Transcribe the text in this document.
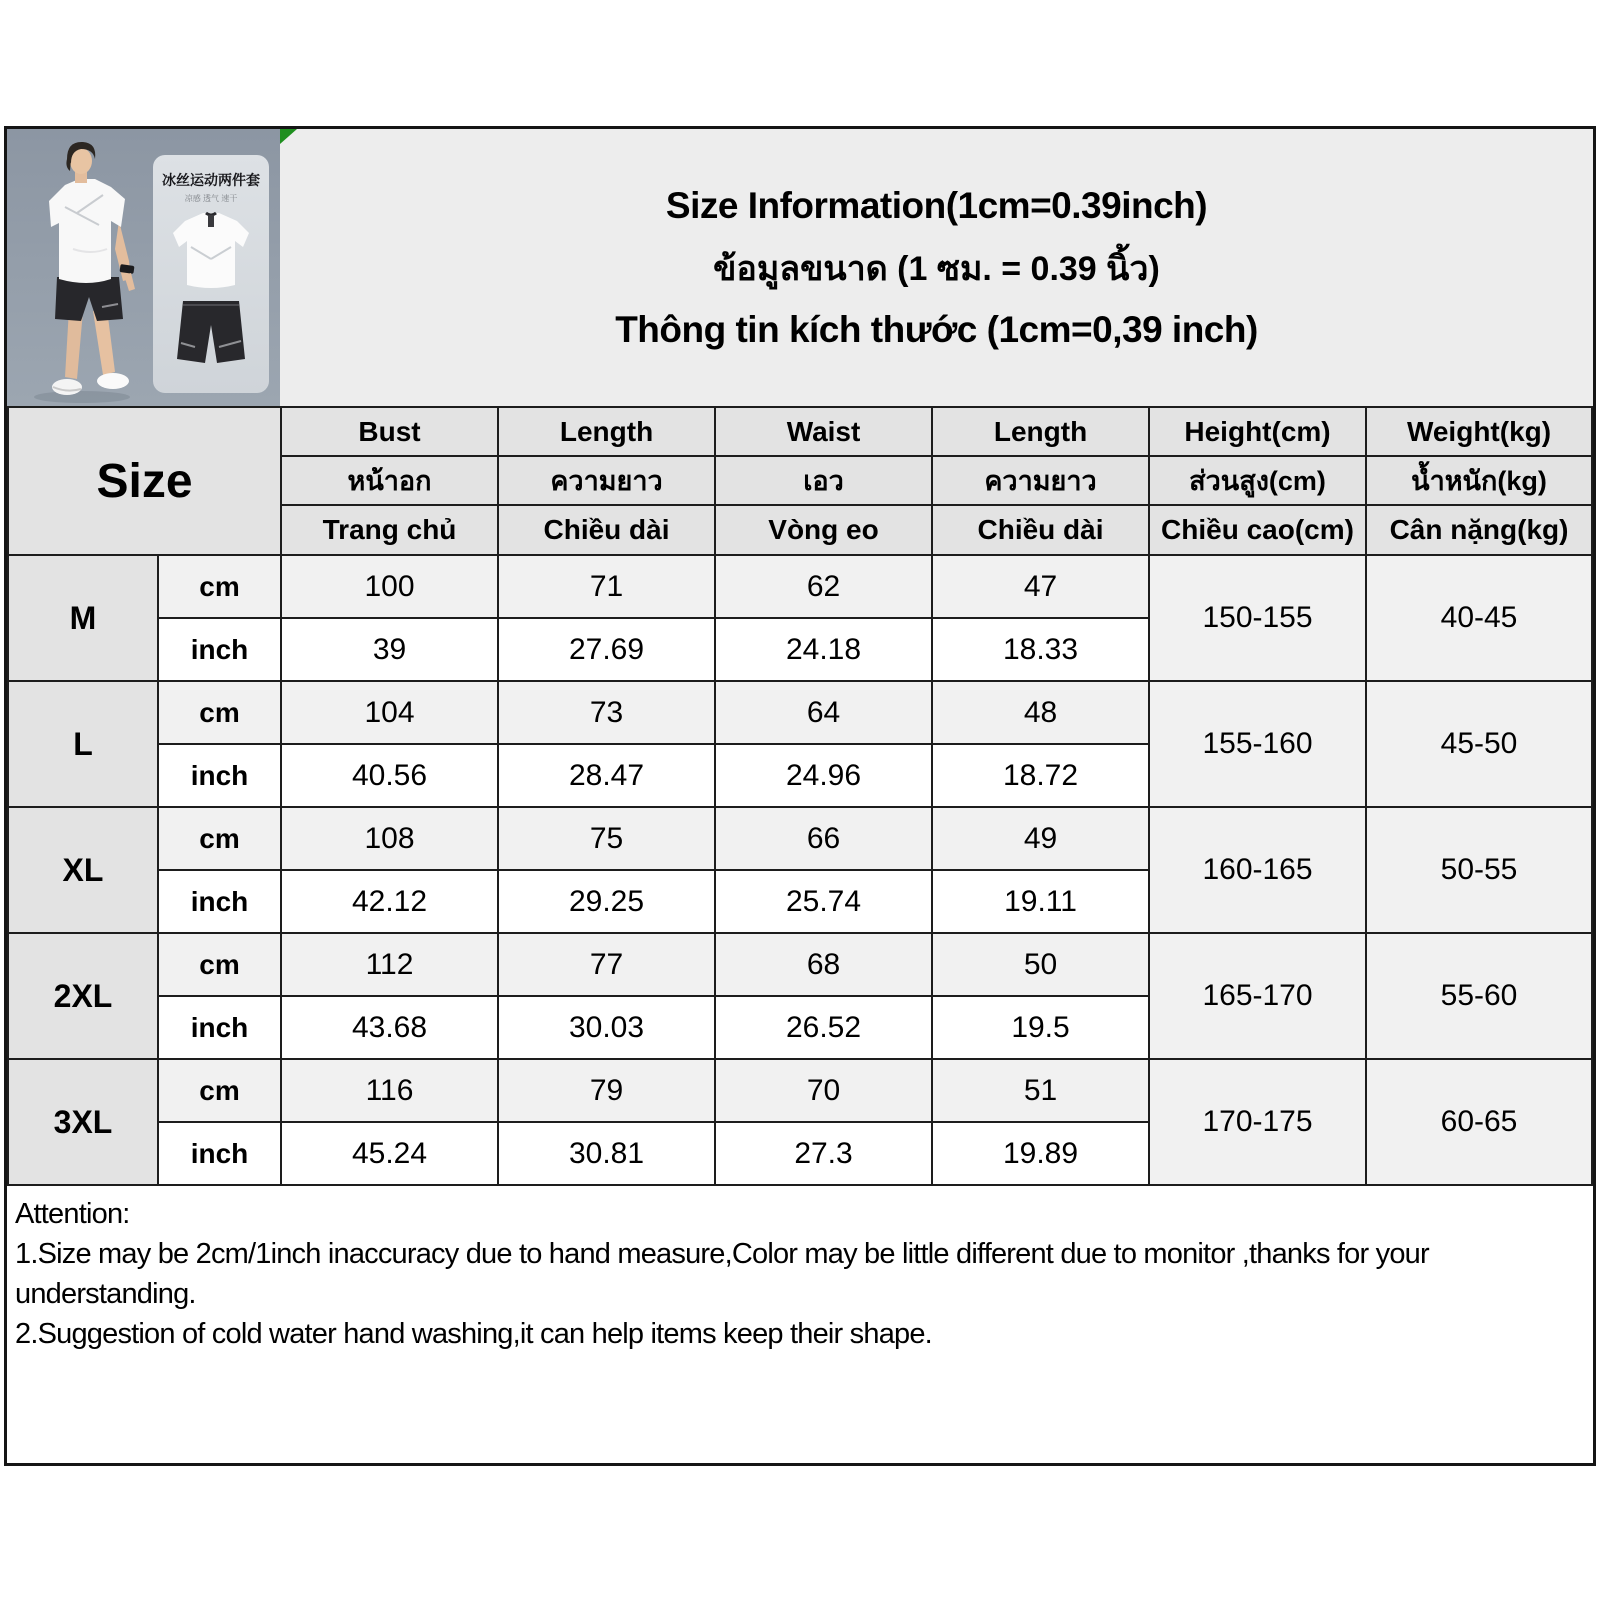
冰丝运动两件套
凉感 透气 速干	Size Information(1cm=0.39inch)
ข้อมูลขนาด (1 ซม. = 0.39 นิ้ว)
Thông tin kích thước (1cm=0,39 inch)
Size		Bust	Length	Waist	Length	Height(cm)	Weight(kg)
		หน้าอก	ความยาว	เอว	ความยาว	ส่วนสูง(cm)	น้ำหนัก(kg)
		Trang chủ	Chiều dài	Vòng eo	Chiều dài	Chiều cao(cm)	Cân nặng(kg)
M	cm	100	71	62	47	150-155	40-45
	inch	39	27.69	24.18	18.33		
L	cm	104	73	64	48	155-160	45-50
	inch	40.56	28.47	24.96	18.72		
XL	cm	108	75	66	49	160-165	50-55
	inch	42.12	29.25	25.74	19.11		
2XL	cm	112	77	68	50	165-170	55-60
	inch	43.68	30.03	26.52	19.5		
3XL	cm	116	79	70	51	170-175	60-65
	inch	45.24	30.81	27.3	19.89		
Attention:
1.Size may be 2cm/1inch inaccuracy due to hand measure,Color may be little different due to monitor ,thanks for your understanding.
2.Suggestion of cold water hand washing,it can help items keep their shape.
